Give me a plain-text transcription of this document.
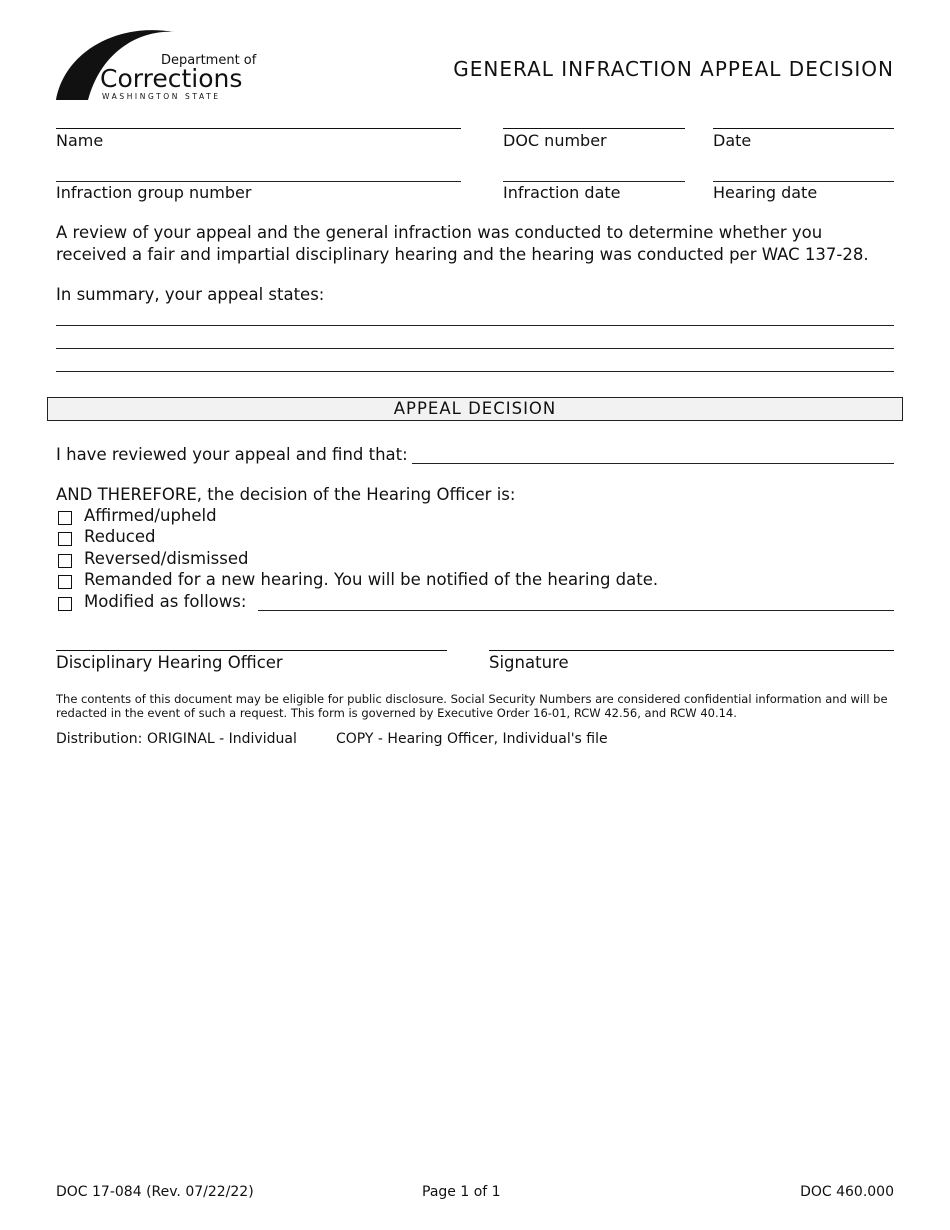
Department of
Corrections
WASHINGTON STATE
GENERAL INFRACTION APPEAL DECISION
Name	DOC number	Date
Infraction group number	Infraction date	Hearing date
A review of your appeal and the general infraction was conducted to determine whether you received a fair and impartial disciplinary hearing and the hearing was conducted per WAC 137-28.
In summary, your appeal states:
APPEAL DECISION
I have reviewed your appeal and find that:
AND THEREFORE, the decision of the Hearing Officer is:
Affirmed/upheld
Reduced
Reversed/dismissed
Remanded for a new hearing. You will be notified of the hearing date.
Modified as follows:
Disciplinary Hearing Officer	Signature
The contents of this document may be eligible for public disclosure. Social Security Numbers are considered confidential information and will be redacted in the event of such a request. This form is governed by Executive Order 16-01, RCW 42.56, and RCW 40.14.
Distribution: ORIGINAL - Individual	COPY - Hearing Officer, Individual's file
DOC 17-084 (Rev. 07/22/22)	Page 1 of 1	DOC 460.000
